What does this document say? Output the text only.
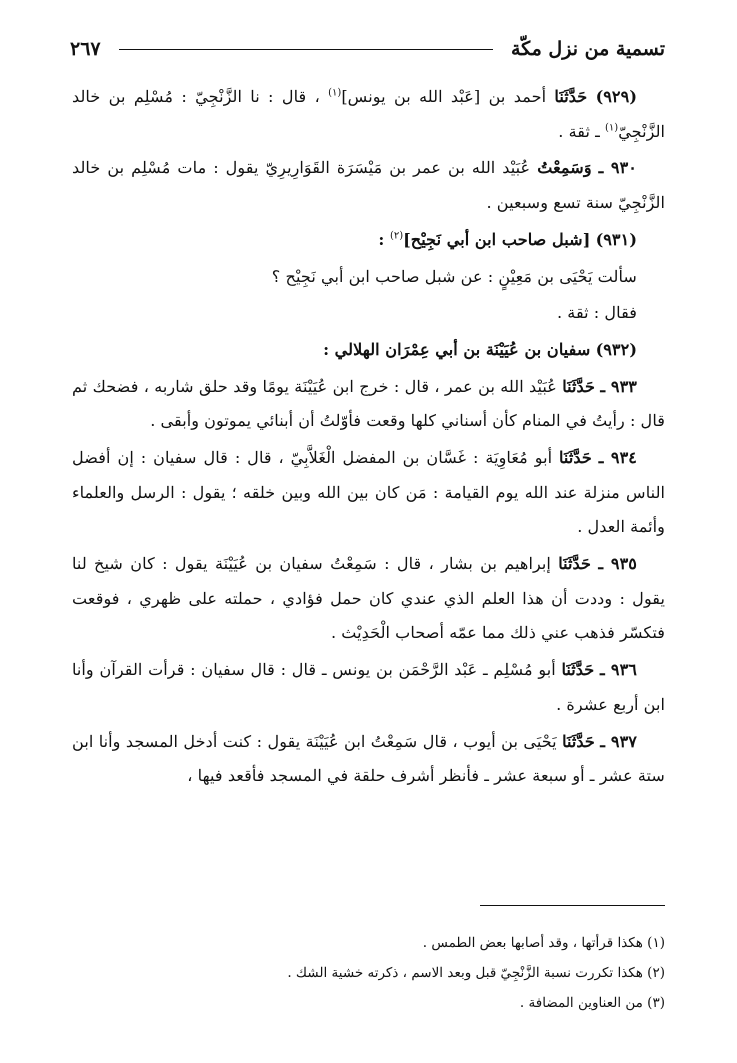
تسمية من نزل مكّة
٢٦٧

(٩٢٩) حَدَّثَنَا أحمد بن [عَبْد الله بن يونس]$^{(١)}$ ، قال : نا الزَّنْجِيّ : مُسْلِم بن خالد الزَّنْجِيّ$^{(١)}$ ـ ثقة .

٩٣٠ ـ وَسَمِعْتُ عُبَيْد الله بن عمر بن مَيْسَرَة القَوَارِيرِيّ يقول : مات مُسْلِم بن خالد الزَّنْجِيّ سنة تسع وسبعين .

(٩٣١) [شبل صاحب ابن أبي نَجِيْح]$^{(٢)}$ :

سألت يَحْيَى بن مَعِيْنٍ : عن شبل صاحب ابن أبي نَجِيْح ؟

فقال : ثقة .

(٩٣٢) سفيان بن عُيَيْنَة بن أبي عِمْرَان الهلالي :

٩٣٣ ـ حَدَّثَنَا عُبَيْد الله بن عمر ، قال : خرج ابن عُيَيْنَة يومًا وقد حلق شاربه ، فضحك ثم قال : رأيتُ في المنام كأن أسناني كلها وقعت فأوّلتُ أن أبنائي يموتون وأبقى .

٩٣٤ ـ حَدَّثَنَا أبو مُعَاوِيَة : غَسَّان بن المفضل الْغَلاَّبِيّ ، قال : قال سفيان : إن أفضل الناس منزلة عند الله يوم القيامة : مَن كان بين الله وبين خلقه ؛ يقول : الرسل والعلماء وأئمة العدل .

٩٣٥ ـ حَدَّثَنَا إبراهيم بن بشار ، قال : سَمِعْتُ سفيان بن عُيَيْنَة يقول : كان شيخ لنا يقول : وددت أن هذا العلم الذي عندي كان حمل فؤادي ، حملته على ظهري ، فوقعت فتكسّر فذهب عني ذلك مما عمّه أصحاب الْحَدِيْث .

٩٣٦ ـ حَدَّثَنَا أبو مُسْلِم ـ عَبْد الرَّحْمَن بن يونس ـ قال : قال سفيان : قرأت القرآن وأنا ابن أربع عشرة .

٩٣٧ ـ حَدَّثَنَا يَحْيَى بن أيوب ، قال سَمِعْتُ ابن عُيَيْنَة يقول : كنت أدخل المسجد وأنا ابن ستة عشر ـ أو سبعة عشر ـ فأنظر أشرف حلقة في المسجد فأقعد فيها ،

(١) هكذا قرأتها ، وقد أصابها بعض الطمس .

(٢) هكذا تكررت نسبة الزَّنْجِيّ قبل وبعد الاسم ، ذكرته خشية الشك .

(٣) من العناوين المضافة .
